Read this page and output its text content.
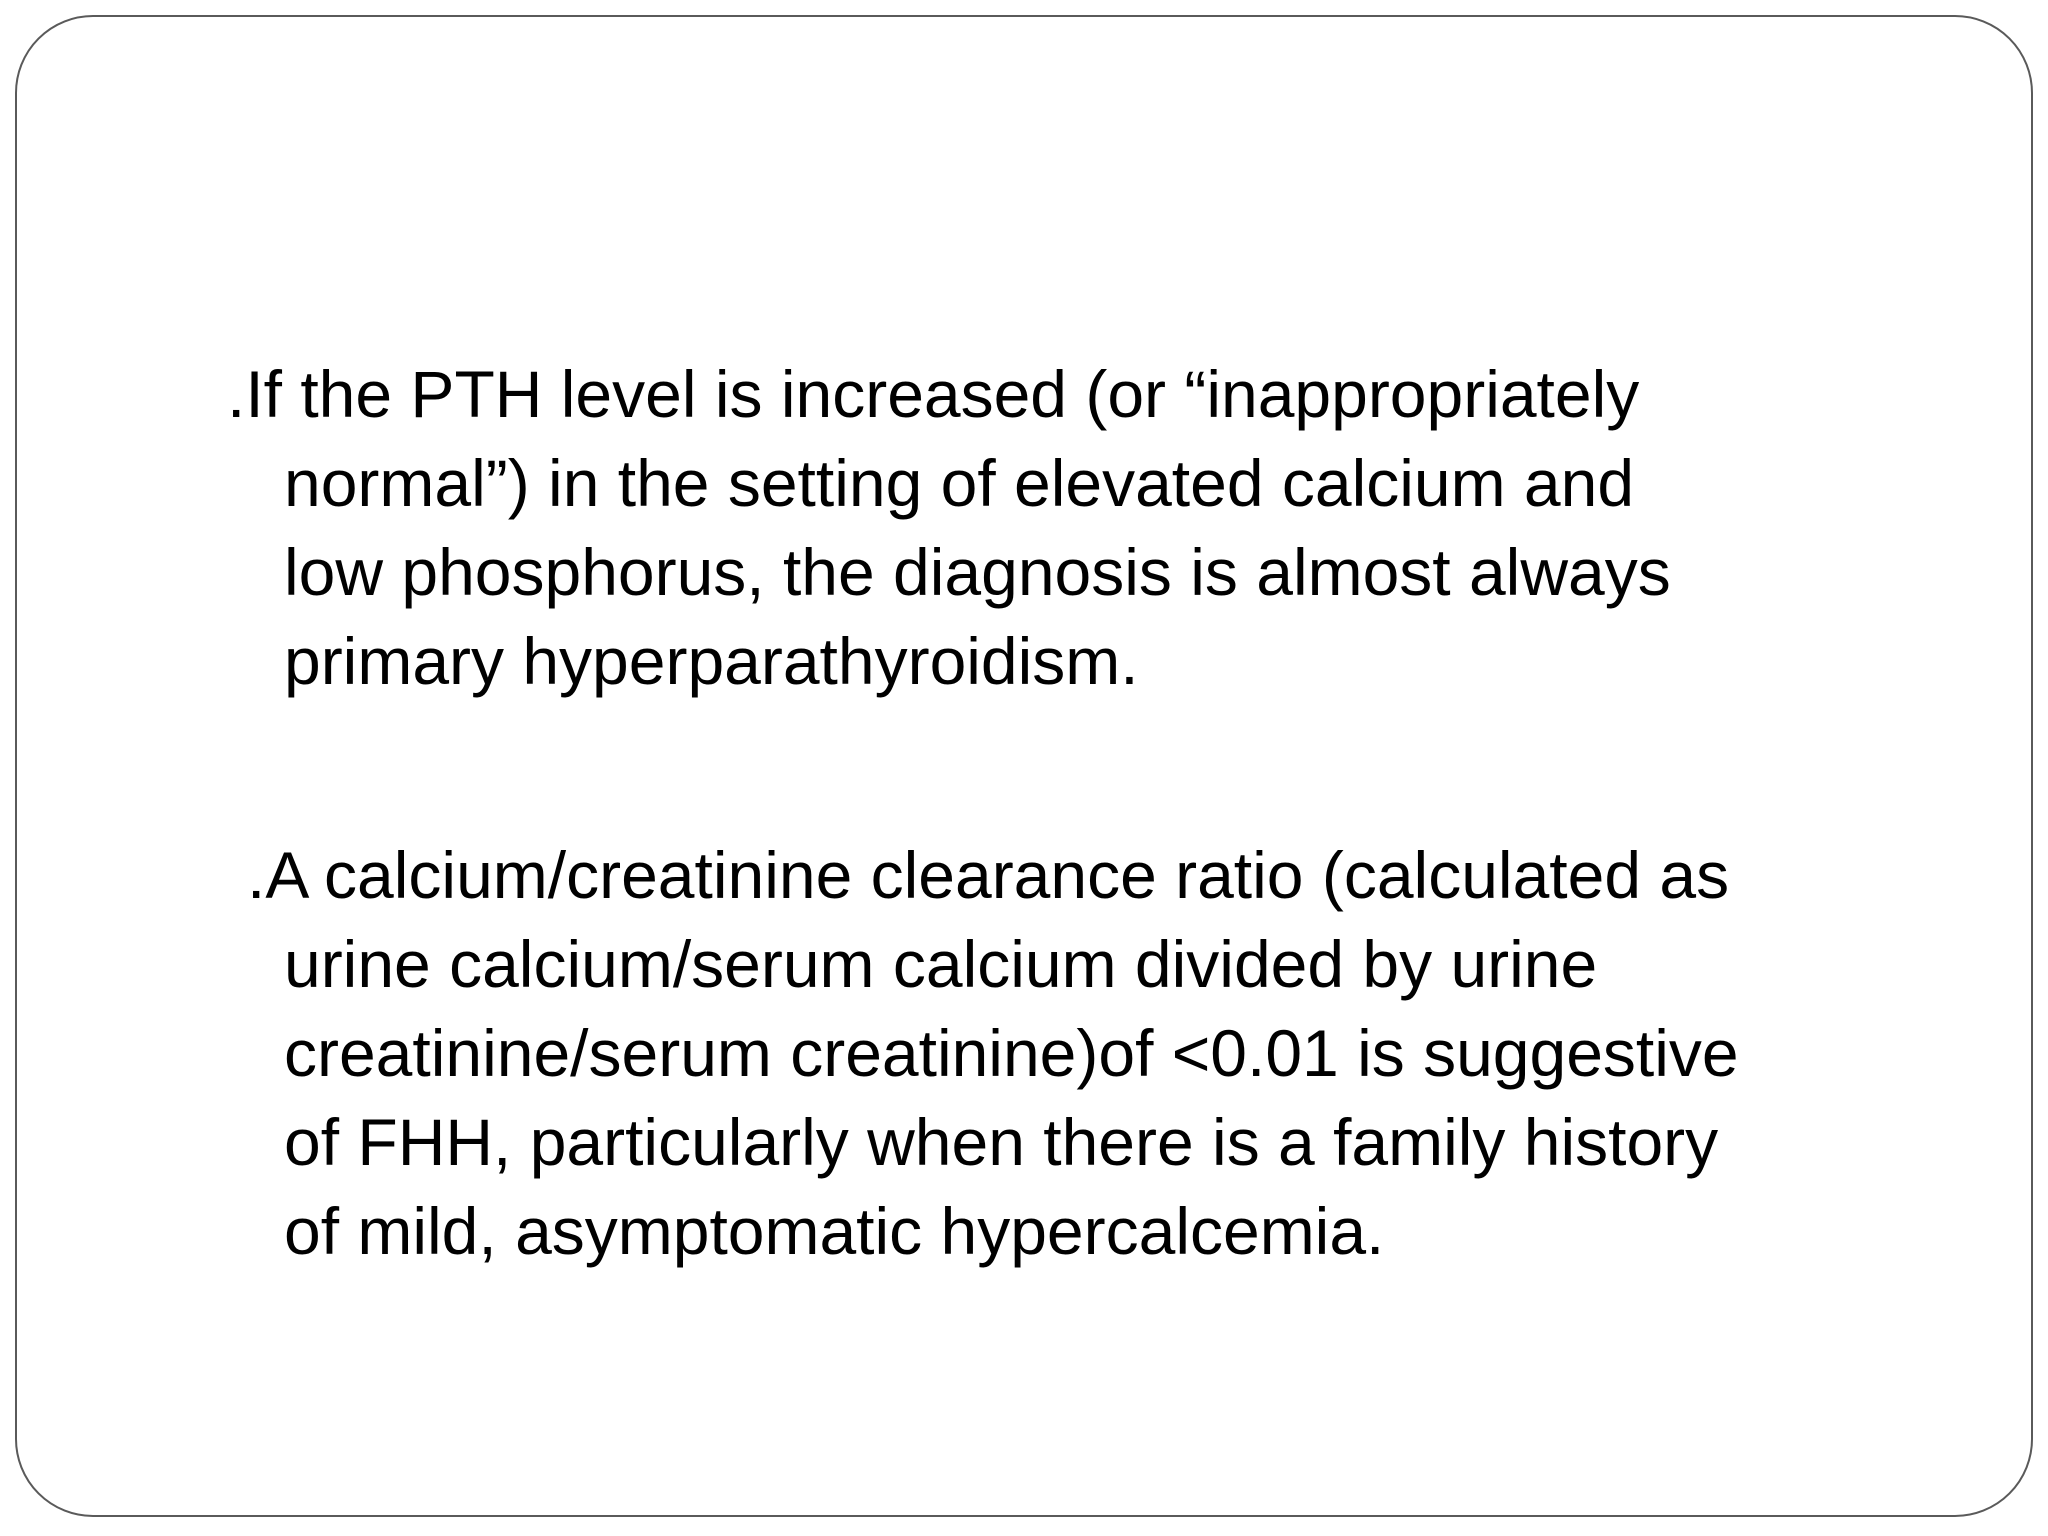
.If the PTH level is increased (or “inappropriately
normal”) in the setting of elevated calcium and
low phosphorus, the diagnosis is almost always
primary hyperparathyroidism.

.A calcium/creatinine clearance ratio (calculated as
urine calcium/serum calcium divided by urine
creatinine/serum creatinine)of <0.01 is suggestive
of FHH, particularly when there is a family history
of mild, asymptomatic hypercalcemia.
